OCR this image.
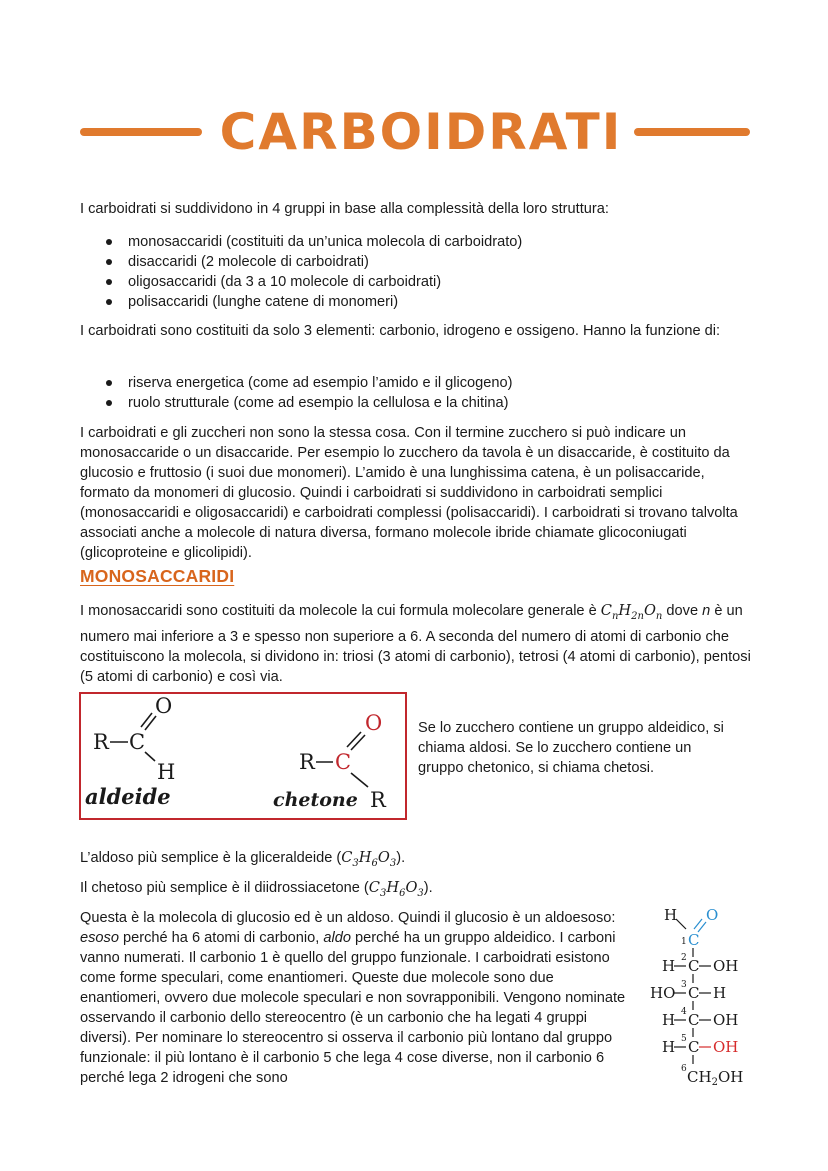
CARBOIDRATI

I carboidrati si suddividono in 4 gruppi in base alla complessità della loro struttura:

monosaccaridi (costituiti da un’unica molecola di carboidrato)
disaccaridi (2 molecole di carboidrati)
oligosaccaridi (da 3 a 10 molecole di carboidrati)
polisaccaridi (lunghe catene di monomeri)

I carboidrati sono costituiti da solo 3 elementi: carbonio, idrogeno e ossigeno. Hanno la funzione di:

riserva energetica (come ad esempio l’amido e il glicogeno)
ruolo strutturale (come ad esempio la cellulosa e la chitina)

I carboidrati e gli zuccheri non sono la stessa cosa. Con il termine zucchero si può indicare un monosaccaride o un disaccaride. Per esempio lo zucchero da tavola è un disaccaride, è costituito da glucosio e fruttosio (i suoi due monomeri). L’amido è una lunghissima catena, è un polisaccaride, formato da monomeri di glucosio. Quindi i carboidrati si suddividono in carboidrati semplici (monosaccaridi e oligosaccaridi) e carboidrati complessi (polisaccaridi). I carboidrati si trovano talvolta associati anche a molecole di natura diversa, formano molecole ibride chiamate glicoconiugati (glicoproteine e glicolipidi).

MONOSACCARIDI

I monosaccaridi sono costituiti da molecole la cui formula molecolare generale è $C_nH_{2n}O_n$ dove n è un numero mai inferiore a 3 e spesso non superiore a 6. A seconda del numero di atomi di carbonio che costituiscono la molecola, si dividono in: triosi (3 atomi di carbonio), tetrosi (4 atomi di carbonio), pentosi (5 atomi di carbonio) e così via.

R C
O
H
aldeide
R C
O
R
chetone

Se lo zucchero contiene un gruppo aldeidico, si chiama aldosi. Se lo zucchero contiene un gruppo chetonico, si chiama chetosi.

L’aldoso più semplice è la gliceraldeide $(C_3H_6O_3)$.

Il chetoso più semplice è il diidrossiacetone $(C_3H_6O_3)$.

Questa è la molecola di glucosio ed è un aldoso. Quindi il glucosio è un aldoesoso: esoso perché ha 6 atomi di carbonio, aldo perché ha un gruppo aldeidico. I carboni vanno numerati. Il carbonio 1 è quello del gruppo funzionale. I carboidrati esistono come forme speculari, come enantiomeri. Queste due molecole sono due enantiomeri, ovvero due molecole speculari e non sovrapponibili. Vengono nominate osservando il carbonio dello stereocentro (è un carbonio che ha legati 4 gruppi diversi). Per nominare lo stereocentro si osserva il carbonio più lontano dal gruppo funzionale: il più lontano è il carbonio 5 che lega 4 cose diverse, non il carbonio 6 perché lega 2 idrogeni che sono

H O
1 C
2
H C OH
3
HO C H
4
H C OH
5
H C OH
6 $CH_2OH$
